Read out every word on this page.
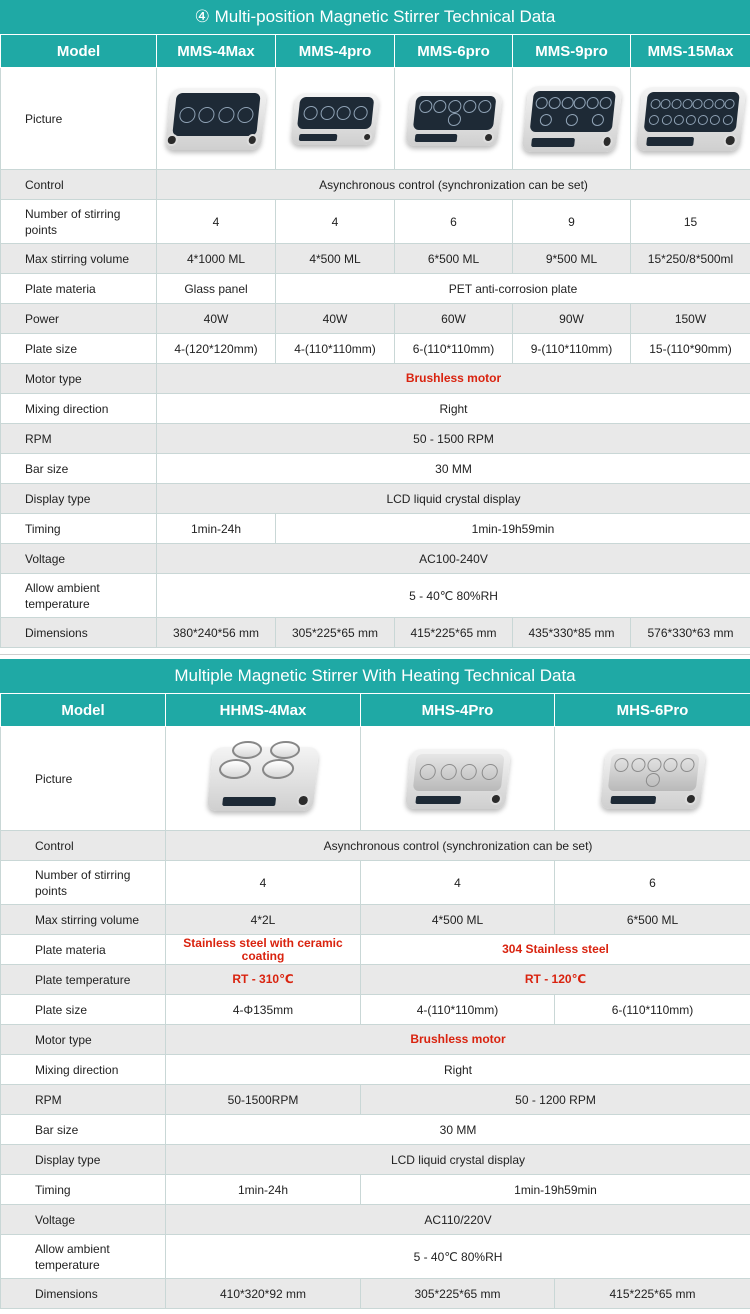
④ Multi-position Magnetic Stirrer Technical Data
Model	MMS-4Max	MMS-4pro	MMS-6pro	MMS-9pro	MMS-15Max
Picture	

Control	Asynchronous control (synchronization can be set)				
Number of stirring points	4	4	6	9	15
Max stirring volume	4*1000 ML	4*500 ML	6*500 ML	9*500 ML	15*250/8*500ml
Plate materia	Glass panel	PET anti-corrosion plate			
Power	40W	40W	60W	90W	150W
Plate size	4-(120*120mm)	4-(110*110mm)	6-(110*110mm)	9-(110*110mm)	15-(110*90mm)
Motor type	Brushless motor				
Mixing direction	Right				
RPM	50 - 1500 RPM				
Bar size	30 MM				
Display type	LCD liquid crystal display				
Timing	1min-24h	1min-19h59min			
Voltage	AC100-240V				
Allow ambient temperature	5 - 40℃ 80%RH				
Dimensions	380*240*56 mm	305*225*65 mm	415*225*65 mm	435*330*85 mm	576*330*63 mm
Multiple Magnetic Stirrer With Heating Technical Data
Model	HHMS-4Max	MHS-4Pro	MHS-6Pro
Picture	

Control	Asynchronous control (synchronization can be set)		
Number of stirring points	4	4	6
Max stirring volume	4*2L	4*500 ML	6*500 ML
Plate materia	Stainless steel with ceramic coating	304 Stainless steel	
Plate temperature	RT - 310℃	RT - 120℃	
Plate size	4-Φ135mm	4-(110*110mm)	6-(110*110mm)
Motor type	Brushless motor		
Mixing direction	Right		
RPM	50-1500RPM	50 - 1200 RPM	
Bar size	30 MM		
Display type	LCD liquid crystal display		
Timing	1min-24h	1min-19h59min	
Voltage	AC110/220V		
Allow ambient temperature	5 - 40℃ 80%RH		
Dimensions	410*320*92 mm	305*225*65 mm	415*225*65 mm
